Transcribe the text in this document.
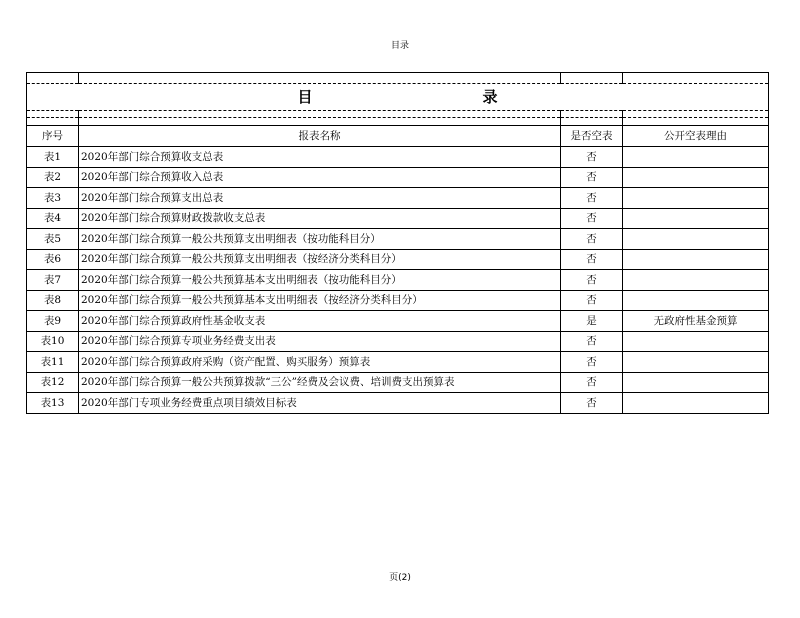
目录

目 录			

序号	报表名称	是否空表	公开空表理由
表1	2020年部门综合预算收支总表	否	
表2	2020年部门综合预算收入总表	否	
表3	2020年部门综合预算支出总表	否	
表4	2020年部门综合预算财政拨款收支总表	否	
表5	2020年部门综合预算一般公共预算支出明细表（按功能科目分）	否	
表6	2020年部门综合预算一般公共预算支出明细表（按经济分类科目分）	否	
表7	2020年部门综合预算一般公共预算基本支出明细表（按功能科目分）	否	
表8	2020年部门综合预算一般公共预算基本支出明细表（按经济分类科目分）	否	
表9	2020年部门综合预算政府性基金收支表	是	无政府性基金预算
表10	2020年部门综合预算专项业务经费支出表	否	
表11	2020年部门综合预算政府采购（资产配置、购买服务）预算表	否	
表12	2020年部门综合预算一般公共预算拨款“三公”经费及会议费、培训费支出预算表	否	
表13	2020年部门专项业务经费重点项目绩效目标表	否	
页(2)
